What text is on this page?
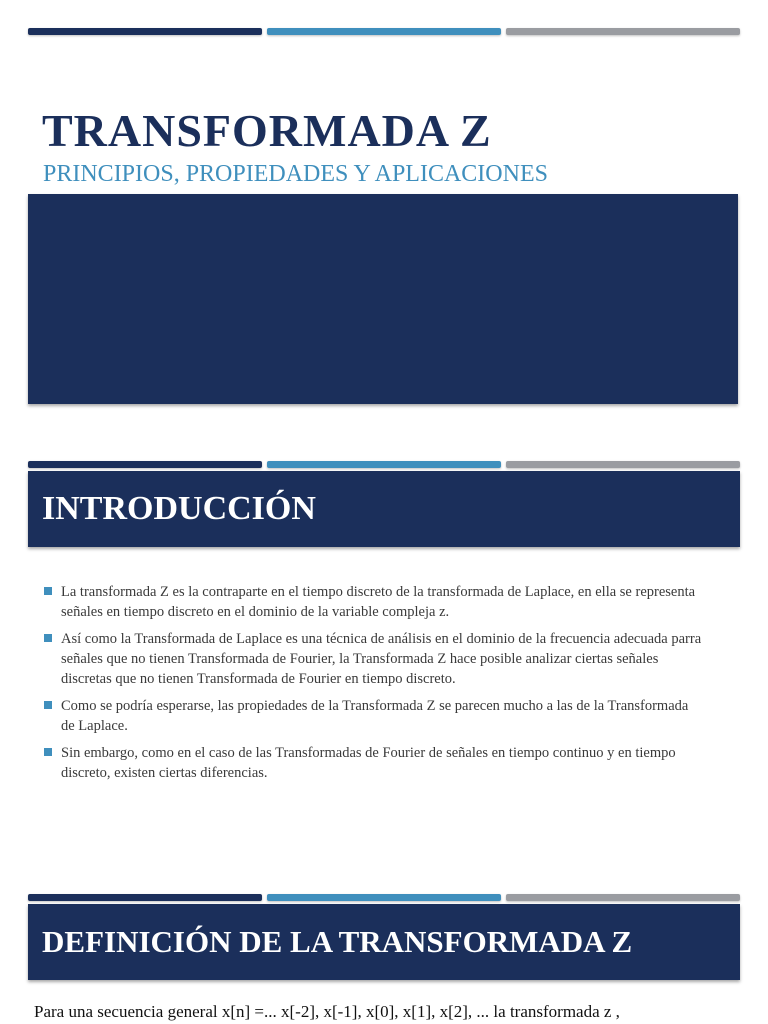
TRANSFORMADA Z
PRINCIPIOS, PROPIEDADES Y APLICACIONES
INTRODUCCIÓN
La transformada Z es la contraparte en el tiempo discreto de la transformada de Laplace, en ella se representa señales en tiempo discreto en el dominio de la variable compleja z.
Así como la Transformada de Laplace es una técnica de análisis en el dominio de la frecuencia adecuada parra señales que no tienen Transformada de Fourier, la Transformada Z hace posible analizar ciertas señales discretas que no tienen Transformada de Fourier en tiempo discreto.
Como se podría esperarse, las propiedades de la Transformada Z se parecen mucho a las de la Transformada de Laplace.
Sin embargo, como en el caso de las Transformadas de Fourier de señales en tiempo continuo y en tiempo discreto, existen ciertas diferencias.
DEFINICIÓN DE LA TRANSFORMADA Z
Para una secuencia general x[n] =... x[-2], x[-1], x[0], x[1], x[2], ... la transformada z ,
